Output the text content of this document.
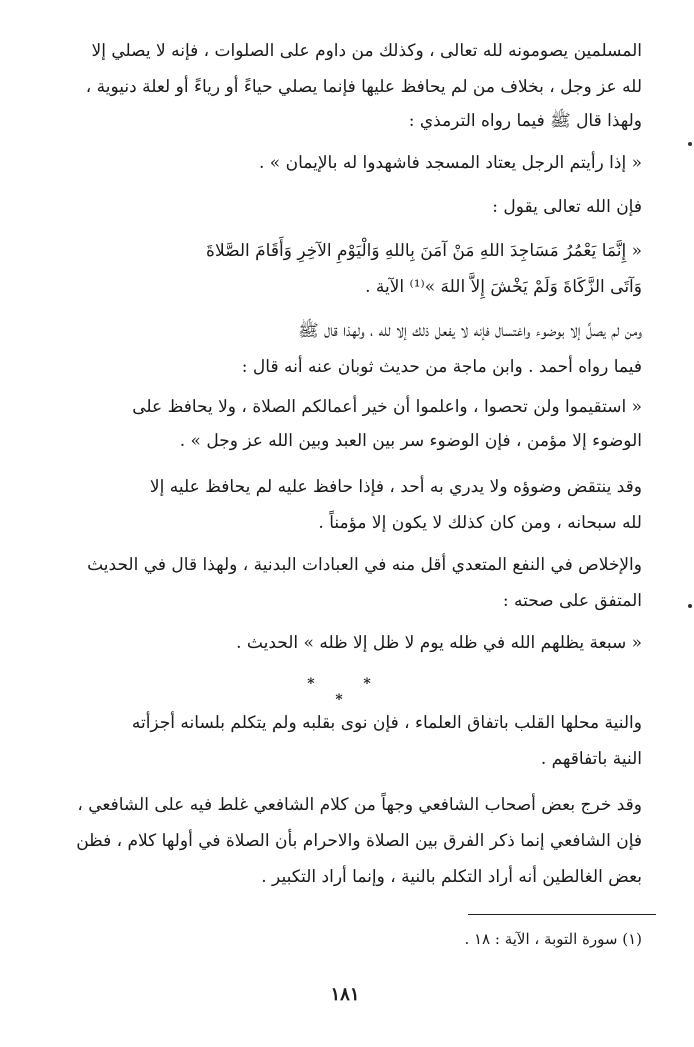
المسلمين يصومونه لله تعالى ، وكذلك من داوم على الصلوات ، فإنه لا يصلي إلا
لله عز وجل ، بخلاف من لم يحافظ عليها فإنما يصلي حياءً أو رياءً أو لعلة دنيوية ،
ولهذا قال ﷺ فيما رواه الترمذي :
« إذا رأيتم الرجل يعتاد المسجد فاشهدوا له بالإيمان » .
فإن الله تعالى يقول :
« إِنَّمَا يَعْمُرُ مَسَاجِدَ اللهِ مَنْ آمَنَ بِاللهِ وَالْيَوْمِ الآخِرِ وَأَقَامَ الصَّلاةَ
وَآتَى الزَّكَاةَ وَلَمْ يَخْشَ إِلاَّ اللهَ »⁽¹⁾ الآية .
ومن لم يصلِّ إلا بوضوء واغتسال فإنه لا يفعل ذلك إلا لله ، ولهذا قال ﷺ
فيما رواه أحمد . وابن ماجة من حديث ثوبان عنه أنه قال :
« استقيموا ولن تحصوا ، واعلموا أن خير أعمالكم الصلاة ، ولا يحافظ على
الوضوء إلا مؤمن ، فإن الوضوء سر بين العبد وبين الله عز وجل » .
وقد ينتقض وضوؤه ولا يدري به أحد ، فإذا حافظ عليه لم يحافظ عليه إلا
لله سبحانه ، ومن كان كذلك لا يكون إلا مؤمناً .
والإخلاص في النفع المتعدي أقل منه في العبادات البدنية ، ولهذا قال في الحديث
المتفق على صحته :
« سبعة يظلهم الله في ظله يوم لا ظل إلا ظله » الحديث .
* * *
والنية محلها القلب باتفاق العلماء ، فإن نوى بقلبه ولم يتكلم بلسانه أجزأته
النية باتفاقهم .
وقد خرج بعض أصحاب الشافعي وجهاً من كلام الشافعي غلط فيه على الشافعي ،
فإن الشافعي إنما ذكر الفرق بين الصلاة والاحرام بأن الصلاة في أولها كلام ، فظن
بعض الغالطين أنه أراد التكلم بالنية ، وإنما أراد التكبير .
(١) سورة التوبة ، الآية : ١٨ .
١٨١
